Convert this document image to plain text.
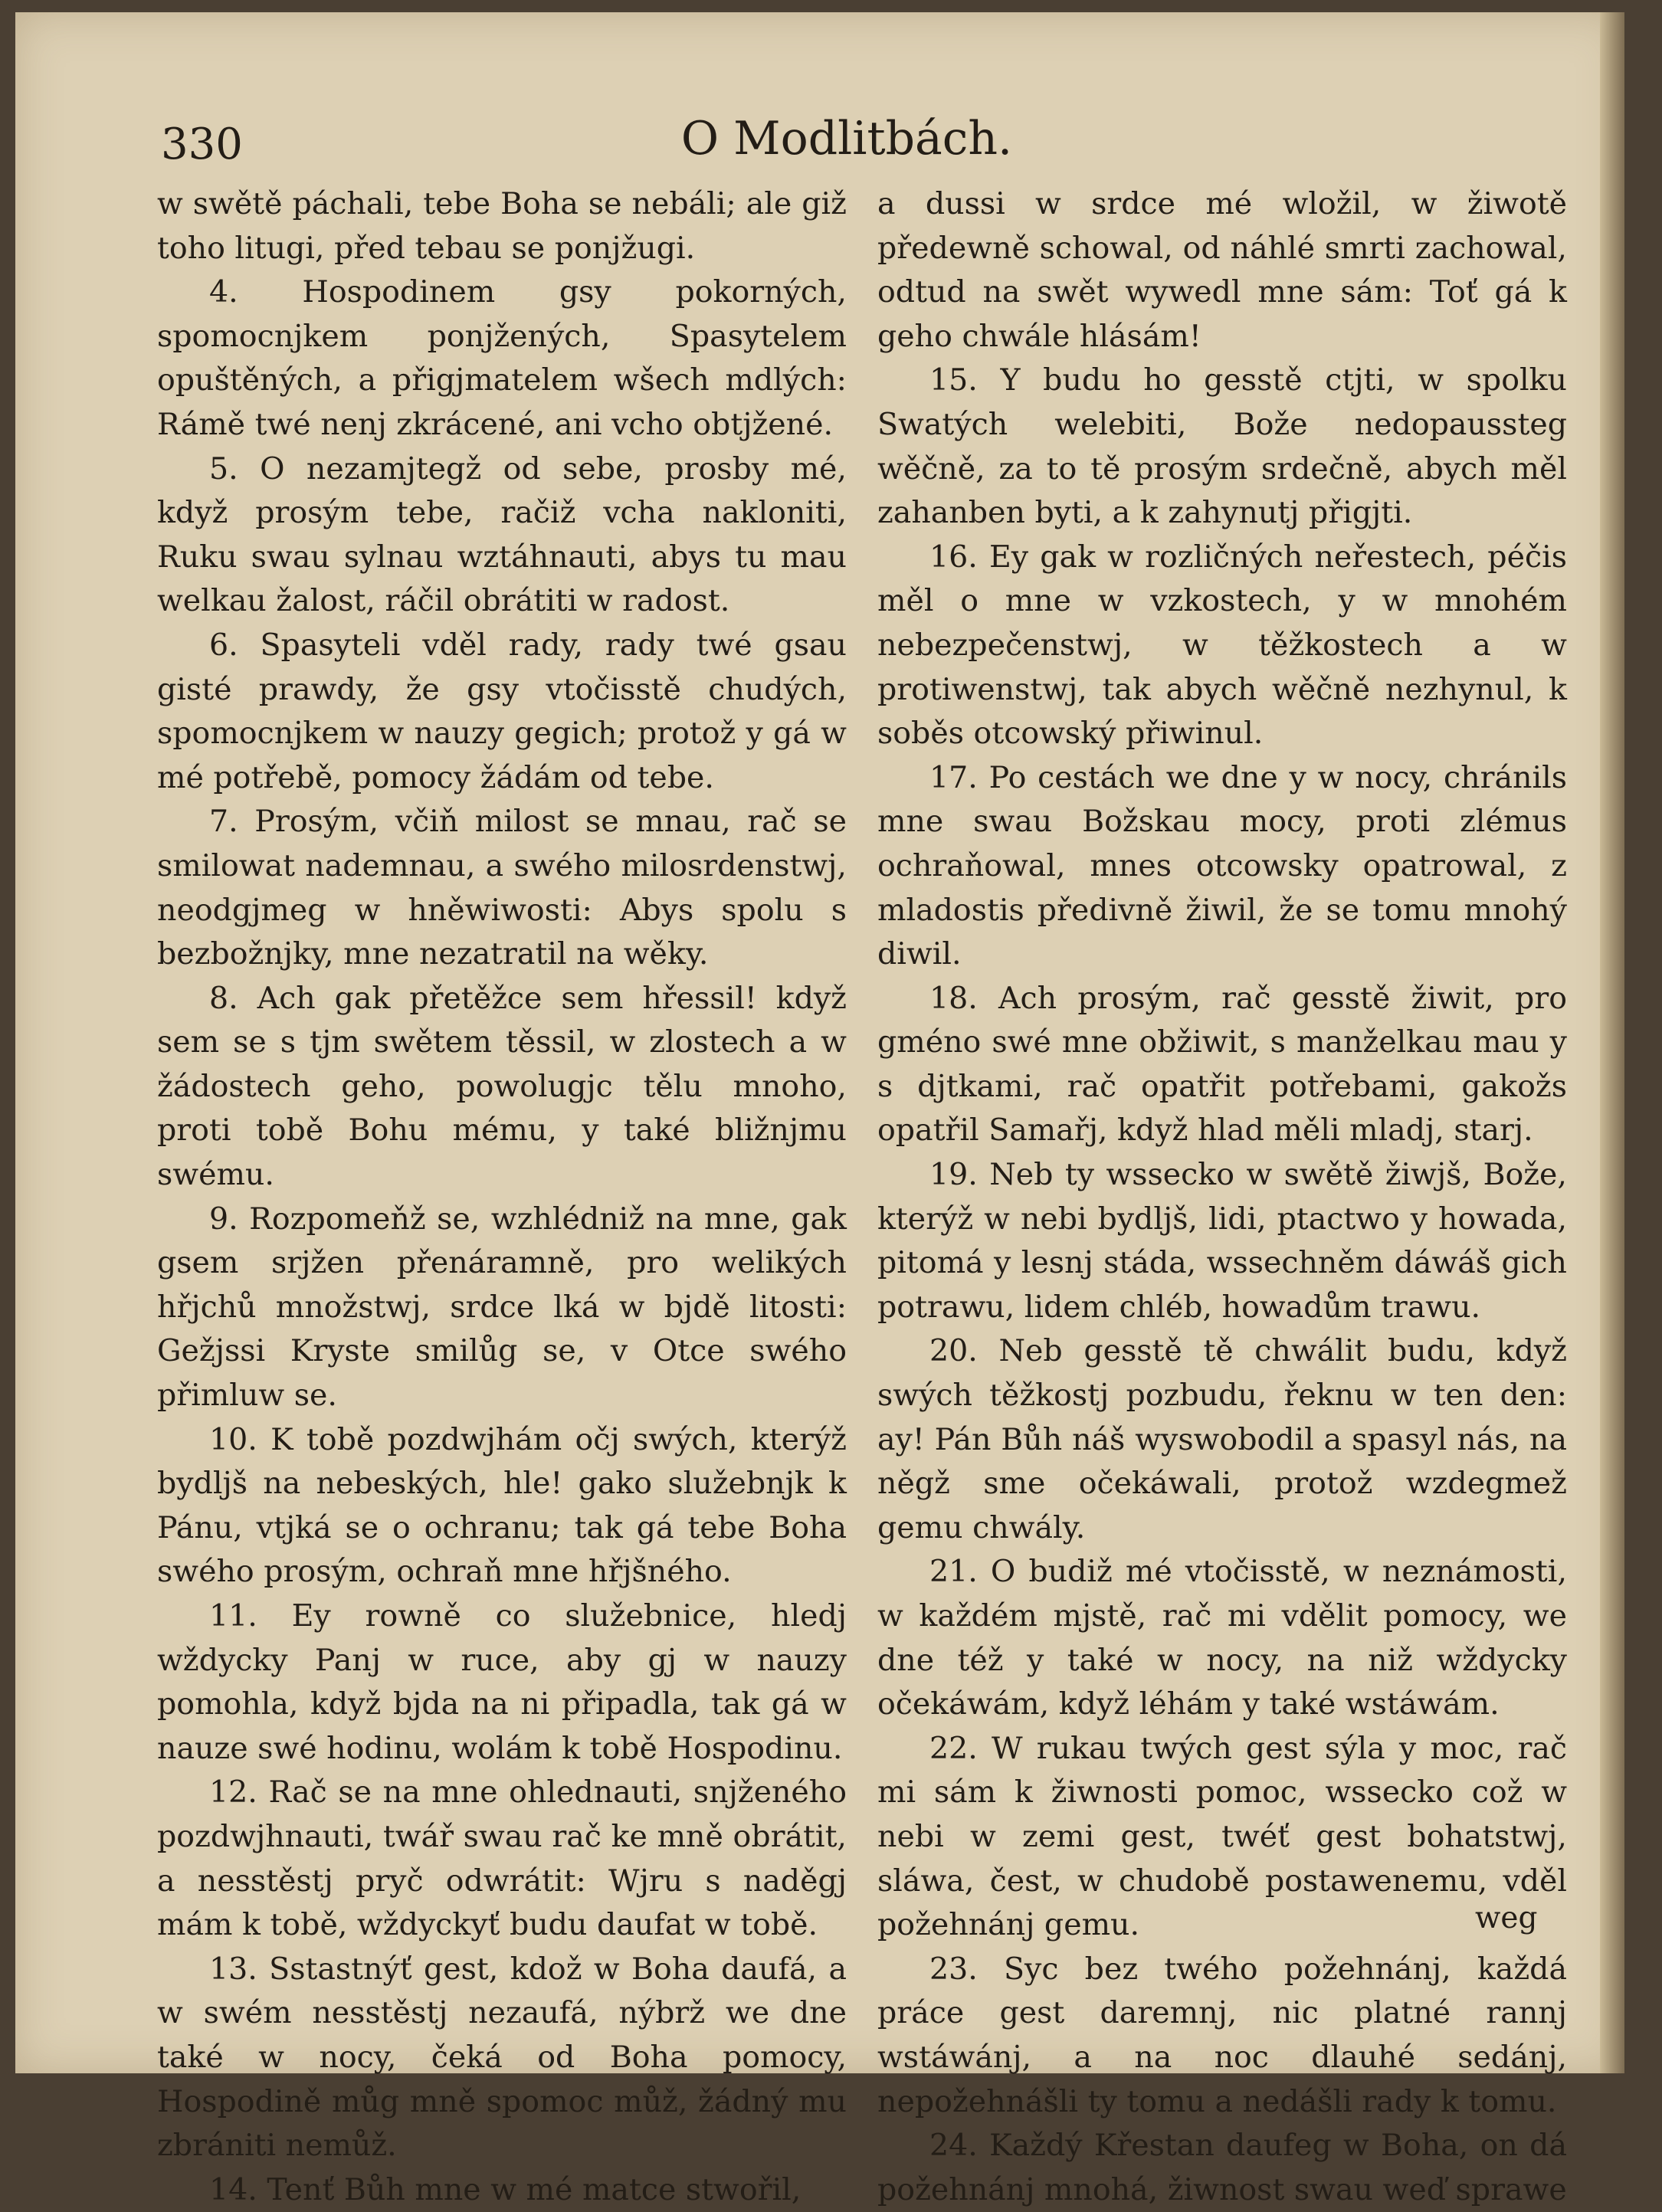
330	O Modlitbách.

w swětě páchali, tebe Boha se nebáli; ale giž toho litugi, před tebau se ponjžugi.

4. Hospodinem gsy pokorných, spomocnjkem ponjžených, Spasytelem opuštěných, a přigjmatelem wšech mdlých: Rámě twé nenj zkrácené, ani vcho obtjžené.

5. O nezamjtegž od sebe, prosby mé, když prosým tebe, račiž vcha nakloniti, Ruku swau sylnau wztáhnauti, abys tu mau welkau žalost, ráčil obrátiti w radost.

6. Spasyteli vděl rady, rady twé gsau gisté prawdy, že gsy vtočisstě chudých, spomocnjkem w nauzy gegich; protož y gá w mé potřebě, pomocy žádám od tebe.

7. Prosým, včiň milost se mnau, rač se smilowat nademnau, a swého milosrdenstwj, neodgjmeg w hněwiwosti: Abys spolu s bezbožnjky, mne nezatratil na wěky.

8. Ach gak přetěžce sem hřessil! když sem se s tjm swětem těssil, w zlostech a w žádostech geho, powolugjc tělu mnoho, proti tobě Bohu mému, y také bližnjmu swému.

9. Rozpomeňž se, wzhlédniž na mne, gak gsem srjžen přenáramně, pro welikých hřjchů množstwj, srdce lká w bjdě litosti: Gežjssi Kryste smilůg se, v Otce swého přimluw se.

10. K tobě pozdwjhám očj swých, kterýž bydljš na nebeských, hle! gako služebnjk k Pánu, vtjká se o ochranu; tak gá tebe Boha swého prosým, ochraň mne hřjšného.

11. Ey rowně co služebnice, hledj wždycky Panj w ruce, aby gj w nauzy pomohla, když bjda na ni připadla, tak gá w nauze swé hodinu, wolám k tobě Hospodinu.

12. Rač se na mne ohlednauti, snjženého pozdwjhnauti, twář swau rač ke mně obrátit, a nesstěstj pryč odwrátit: Wjru s naděgj mám k tobě, wždyckyť budu daufat w tobě.

13. Sstastnýť gest, kdož w Boha daufá, a w swém nesstěstj nezaufá, nýbrž we dne také w nocy, čeká od Boha pomocy, Hospodině můg mně spomoc můž, žádný mu zbrániti nemůž.

14. Tenť Bůh mne w mé matce stwořil,

a dussi w srdce mé wložil, w žiwotě předewně schowal, od náhlé smrti zachowal, odtud na swět wywedl mne sám: Toť gá k geho chwále hlásám!

15. Y budu ho gesstě ctjti, w spolku Swatých welebiti, Bože nedopaussteg wěčně, za to tě prosým srdečně, abych měl zahanben byti, a k zahynutj přigjti.

16. Ey gak w rozličných neřestech, péčis měl o mne w vzkostech, y w mnohém nebezpečenstwj, w těžkostech a w protiwenstwj, tak abych wěčně nezhynul, k soběs otcowský přiwinul.

17. Po cestách we dne y w nocy, chránils mne swau Božskau mocy, proti zlémus ochraňowal, mnes otcowsky opatrowal, z mladostis předivně žiwil, že se tomu mnohý diwil.

18. Ach prosým, rač gesstě žiwit, pro gméno swé mne obžiwit, s manželkau mau y s djtkami, rač opatřit potřebami, gakožs opatřil Samařj, když hlad měli mladj, starj.

19. Neb ty wssecko w swětě žiwjš, Bože, kterýž w nebi bydljš, lidi, ptactwo y howada, pitomá y lesnj stáda, wssechněm dáwáš gich potrawu, lidem chléb, howadům trawu.

20. Neb gesstě tě chwálit budu, když swých těžkostj pozbudu, řeknu w ten den: ay! Pán Bůh náš wyswobodil a spasyl nás, na něgž sme očekáwali, protož wzdegmež gemu chwály.

21. O budiž mé vtočisstě, w neznámosti, w každém mjstě, rač mi vdělit pomocy, we dne též y také w nocy, na niž wždycky očekáwám, když léhám y také wstáwám.

22. W rukau twých gest sýla y moc, rač mi sám k žiwnosti pomoc, wssecko což w nebi w zemi gest, twéť gest bohatstwj, sláwa, čest, w chudobě postawenemu, vděl požehnánj gemu.

23. Syc bez twého požehnánj, každá práce gest daremnj, nic platné rannj wstáwánj, a na noc dlauhé sedánj, nepožehnášli ty tomu a nedášli rady k tomu.

24. Každý Křestan daufeg w Boha, on dá požehnánj mnohá, žiwnost swau weď sprawe

weg
